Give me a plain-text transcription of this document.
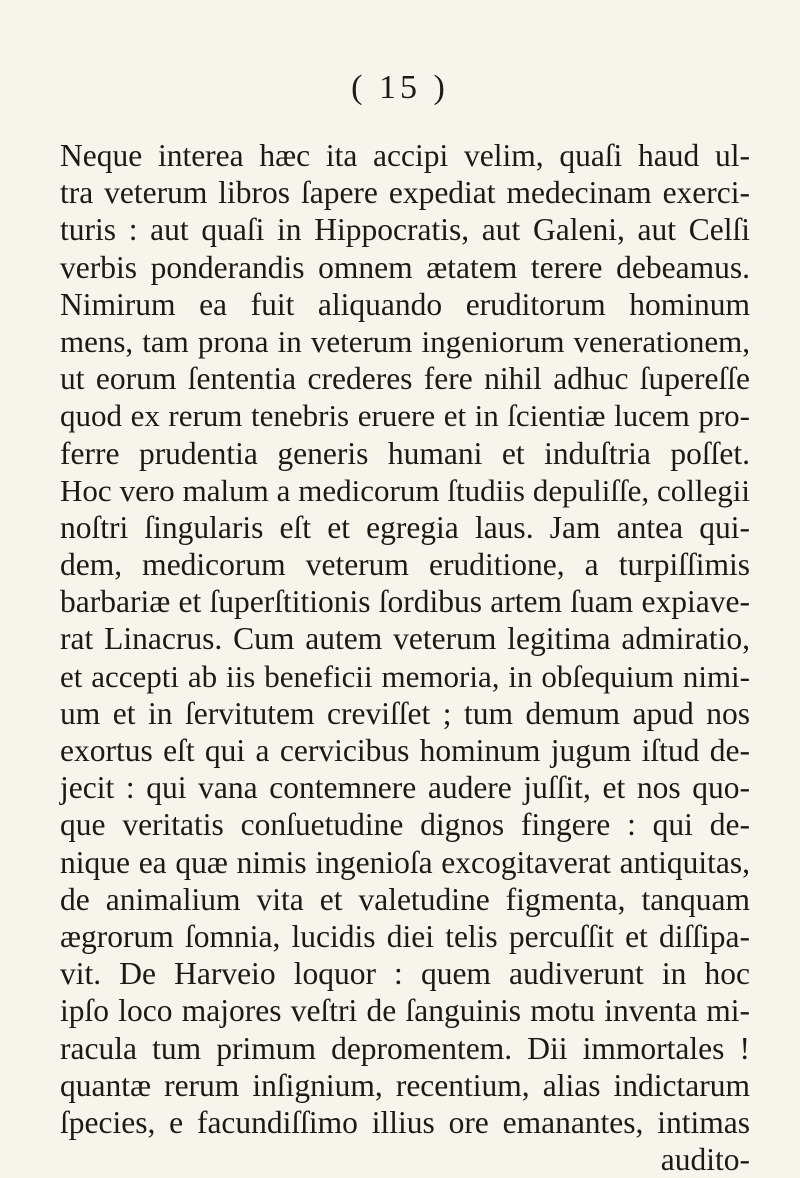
( 15 )
Neque interea hæc ita accipi velim, quaſi haud ul-
tra veterum libros ſapere expediat medecinam exerci-
turis : aut quaſi in Hippocratis, aut Galeni, aut Celſi
verbis ponderandis omnem ætatem terere debeamus.
Nimirum ea fuit aliquando eruditorum hominum
mens, tam prona in veterum ingeniorum venerationem,
ut eorum ſententia crederes fere nihil adhuc ſupereſſe
quod ex rerum tenebris eruere et in ſcientiæ lucem pro-
ferre prudentia generis humani et induſtria poſſet.
Hoc vero malum a medicorum ſtudiis depuliſſe, collegii
noſtri ſingularis eſt et egregia laus. Jam antea qui-
dem, medicorum veterum eruditione, a turpiſſimis
barbariæ et ſuperſtitionis ſordibus artem ſuam expiave-
rat Linacrus. Cum autem veterum legitima admiratio,
et accepti ab iis beneficii memoria, in obſequium nimi-
um et in ſervitutem creviſſet ; tum demum apud nos
exortus eſt qui a cervicibus hominum jugum iſtud de-
jecit : qui vana contemnere audere juſſit, et nos quo-
que veritatis conſuetudine dignos fingere : qui de-
nique ea quæ nimis ingenioſa excogitaverat antiquitas,
de animalium vita et valetudine figmenta, tanquam
ægrorum ſomnia, lucidis diei telis percuſſit et diſſipa-
vit. De Harveio loquor : quem audiverunt in hoc
ipſo loco majores veſtri de ſanguinis motu inventa mi-
racula tum primum depromentem. Dii immortales !
quantæ rerum inſignium, recentium, alias indictarum
ſpecies, e facundiſſimo illius ore emanantes, intimas
audito-
